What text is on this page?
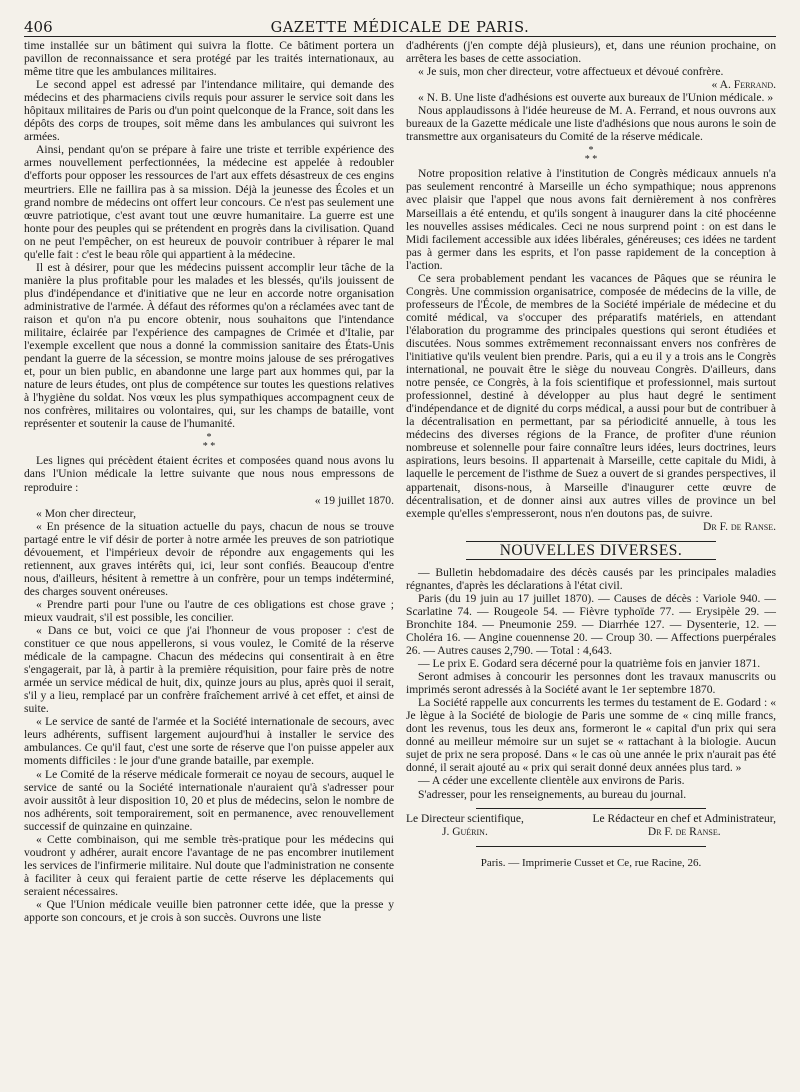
406	GAZETTE MÉDICALE DE PARIS.

time installée sur un bâtiment qui suivra la flotte. Ce bâtiment portera un pavillon de reconnaissance et sera protégé par les traités internationaux, au même titre que les ambulances militaires.

Le second appel est adressé par l'intendance militaire, qui demande des médecins et des pharmaciens civils requis pour assurer le service soit dans les hôpitaux militaires de Paris ou d'un point quelconque de la France, soit dans les dépôts des corps de troupes, soit même dans les ambulances qui suivront les armées.

Ainsi, pendant qu'on se prépare à faire une triste et terrible expérience des armes nouvellement perfectionnées, la médecine est appelée à redoubler d'efforts pour opposer les ressources de l'art aux effets désastreux de ces engins meurtriers. Elle ne faillira pas à sa mission. Déjà la jeunesse des Écoles et un grand nombre de médecins ont offert leur concours. Ce n'est pas seulement une œuvre patriotique, c'est avant tout une œuvre humanitaire. La guerre est une honte pour des peuples qui se prétendent en progrès dans la civilisation. Quand on ne peut l'empêcher, on est heureux de pouvoir contribuer à réparer le mal qu'elle fait : c'est le beau rôle qui appartient à la médecine.

Il est à désirer, pour que les médecins puissent accomplir leur tâche de la manière la plus profitable pour les malades et les blessés, qu'ils jouissent de plus d'indépendance et d'initiative que ne leur en accorde notre organisation administrative de l'armée. À défaut des réformes qu'on a réclamées avec tant de raison et qu'on n'a pu encore obtenir, nous souhaitons que l'intendance militaire, éclairée par l'expérience des campagnes de Crimée et d'Italie, par l'exemple excellent que nous a donné la commission sanitaire des États-Unis pendant la guerre de la sécession, se montre moins jalouse de ses prérogatives et, pour un bien public, en abandonne une large part aux hommes qui, par la nature de leurs études, ont plus de compétence sur toutes les questions relatives à l'hygiène du soldat. Nos vœux les plus sympathiques accompagnent ceux de nos confrères, militaires ou volontaires, qui, sur les champs de bataille, vont représenter et soutenir la cause de l'humanité.

*
* *

Les lignes qui précèdent étaient écrites et composées quand nous avons lu dans l'Union médicale la lettre suivante que nous nous empressons de reproduire :

« 19 juillet 1870.

« Mon cher directeur,

« En présence de la situation actuelle du pays, chacun de nous se trouve partagé entre le vif désir de porter à notre armée les preuves de son patriotique dévouement, et l'impérieux devoir de répondre aux engagements qui les retiennent, aux graves intérêts qui, ici, leur sont confiés. Beaucoup d'entre nous, d'ailleurs, hésitent à remettre à un confrère, pour un temps indéterminé, des charges souvent onéreuses.

« Prendre parti pour l'une ou l'autre de ces obligations est chose grave ; mieux vaudrait, s'il est possible, les concilier.

« Dans ce but, voici ce que j'ai l'honneur de vous proposer : c'est de constituer ce que nous appellerons, si vous voulez, le Comité de la réserve médicale de la campagne. Chacun des médecins qui consentirait à en être s'engagerait, par là, à partir à la première réquisition, pour faire près de notre armée un service médical de huit, dix, quinze jours au plus, après quoi il serait, s'il y a lieu, remplacé par un confrère fraîchement arrivé à cet effet, et ainsi de suite.

« Le service de santé de l'armée et la Société internationale de secours, avec leurs adhérents, suffisent largement aujourd'hui à installer le service des ambulances. Ce qu'il faut, c'est une sorte de réserve que l'on puisse appeler aux moments difficiles : le jour d'une grande bataille, par exemple.

« Le Comité de la réserve médicale formerait ce noyau de secours, auquel le service de santé ou la Société internationale n'auraient qu'à s'adresser pour avoir aussitôt à leur disposition 10, 20 et plus de médecins, selon le nombre de nos adhérents, soit temporairement, soit en permanence, avec renouvellement successif de quinzaine en quinzaine.

« Cette combinaison, qui me semble très-pratique pour les médecins qui voudront y adhérer, aurait encore l'avantage de ne pas encombrer inutilement les services de l'infirmerie militaire. Nul doute que l'administration ne consente à faciliter à ceux qui feraient partie de cette réserve les déplacements qui seraient nécessaires.

« Que l'Union médicale veuille bien patronner cette idée, que la presse y apporte son concours, et je crois à son succès. Ouvrons une liste

d'adhérents (j'en compte déjà plusieurs), et, dans une réunion prochaine, on arrêtera les bases de cette association.

« Je suis, mon cher directeur, votre affectueux et dévoué confrère.

« A. Ferrand.

« N. B. Une liste d'adhésions est ouverte aux bureaux de l'Union médicale. »

Nous applaudissons à l'idée heureuse de M. A. Ferrand, et nous ouvrons aux bureaux de la Gazette médicale une liste d'adhésions que nous aurons le soin de transmettre aux organisateurs du Comité de la réserve médicale.

*
* *

Notre proposition relative à l'institution de Congrès médicaux annuels n'a pas seulement rencontré à Marseille un écho sympathique; nous apprenons avec plaisir que l'appel que nous avons fait dernièrement à nos confrères Marseillais a été entendu, et qu'ils songent à inaugurer dans la cité phocéenne les nouvelles assises médicales. Ceci ne nous surprend point : on est dans le Midi facilement accessible aux idées libérales, généreuses; ces idées ne tardent pas à germer dans les esprits, et l'on passe rapidement de la conception à l'action.

Ce sera probablement pendant les vacances de Pâques que se réunira le Congrès. Une commission organisatrice, composée de médecins de la ville, de professeurs de l'École, de membres de la Société impériale de médecine et du comité médical, va s'occuper des préparatifs matériels, en attendant l'élaboration du programme des principales questions qui seront étudiées et discutées. Nous sommes extrêmement reconnaissant envers nos confrères de l'initiative qu'ils veulent bien prendre. Paris, qui a eu il y a trois ans le Congrès international, ne pouvait être le siège du nouveau Congrès. D'ailleurs, dans notre pensée, ce Congrès, à la fois scientifique et professionnel, mais surtout professionnel, destiné à développer au plus haut degré le sentiment d'indépendance et de dignité du corps médical, a aussi pour but de contribuer à la décentralisation en permettant, par sa périodicité annuelle, à tous les médecins des diverses régions de la France, de profiter d'une réunion nombreuse et solennelle pour faire connaître leurs idées, leurs doctrines, leurs aspirations, leurs besoins. Il appartenait à Marseille, cette capitale du Midi, à laquelle le percement de l'isthme de Suez a ouvert de si grandes perspectives, il appartenait, disons-nous, à Marseille d'inaugurer cette œuvre de décentralisation, et de donner ainsi aux autres villes de province un bel exemple qu'elles s'empresseront, nous n'en doutons pas, de suivre.

Dr F. de Ranse.

NOUVELLES DIVERSES.

— Bulletin hebdomadaire des décès causés par les principales maladies régnantes, d'après les déclarations à l'état civil.

Paris (du 19 juin au 17 juillet 1870). — Causes de décès : Variole 940. — Scarlatine 74. — Rougeole 54. — Fièvre typhoïde 77. — Erysipèle 29. — Bronchite 184. — Pneumonie 259. — Diarrhée 127. — Dysenterie, 12. — Choléra 16. — Angine couennense 20. — Croup 30. — Affections puerpérales 26. — Autres causes 2,790. — Total : 4,643.

— Le prix E. Godard sera décerné pour la quatrième fois en janvier 1871.

Seront admises à concourir les personnes dont les travaux manuscrits ou imprimés seront adressés à la Société avant le 1er septembre 1870.

La Société rappelle aux concurrents les termes du testament de E. Godard : « Je lègue à la Société de biologie de Paris une somme de « cinq mille francs, dont les revenus, tous les deux ans, formeront le « capital d'un prix qui sera donné au meilleur mémoire sur un sujet se « rattachant à la biologie. Aucun sujet de prix ne sera proposé. Dans « le cas où une année le prix n'aurait pas été donné, il serait ajouté au « prix qui serait donné deux années plus tard. »

— A céder une excellente clientèle aux environs de Paris.

S'adresser, pour les renseignements, au bureau du journal.

Le Directeur scientifique,
J. Guérin.
Le Rédacteur en chef et Administrateur,
Dr F. de Ranse.
Paris. — Imprimerie Cusset et Ce, rue Racine, 26.
